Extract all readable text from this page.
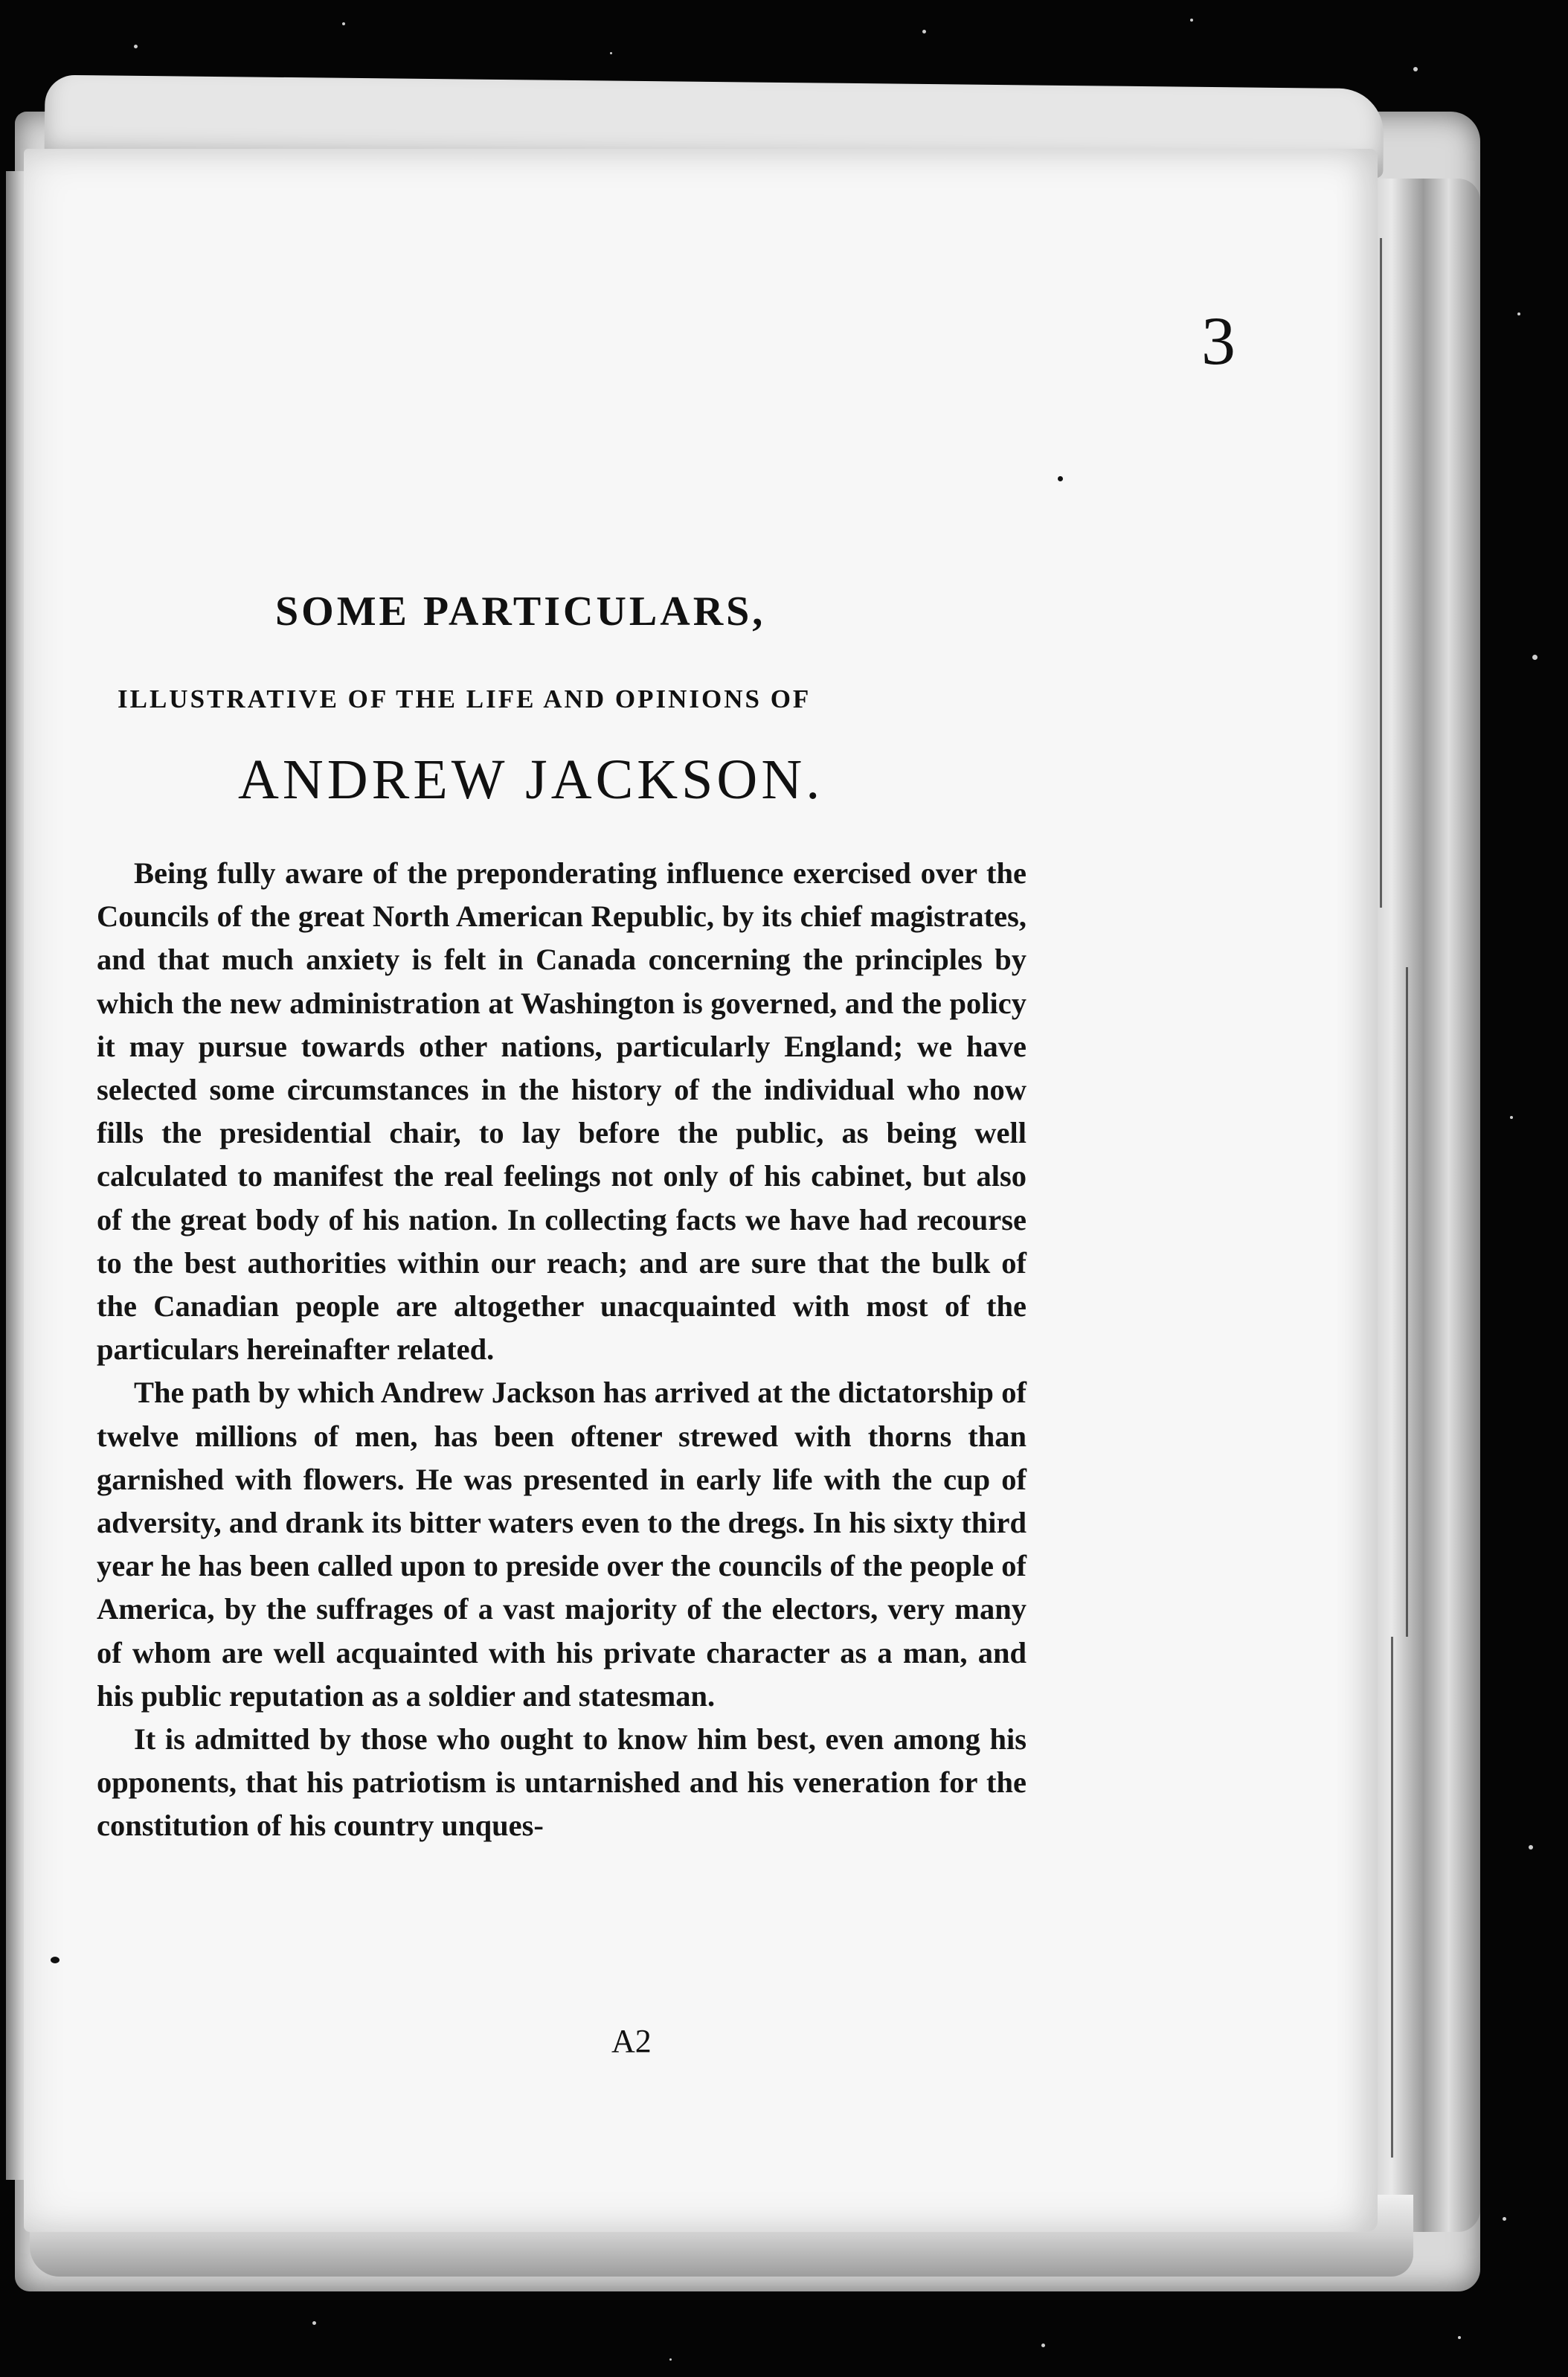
3
SOME PARTICULARS,
ILLUSTRATIVE OF THE LIFE AND OPINIONS OF
ANDREW JACKSON.

Being fully aware of the preponderating influence exercised over the Councils of the great North American Republic, by its chief magistrates, and that much anxiety is felt in Canada concerning the principles by which the new administration at Washington is governed, and the policy it may pursue towards other nations, particularly England; we have selected some circumstances in the history of the individual who now fills the presidential chair, to lay before the public, as being well calculated to manifest the real feelings not only of his cabinet, but also of the great body of his nation. In collecting facts we have had recourse to the best authorities within our reach; and are sure that the bulk of the Canadian people are altogether unacquainted with most of the particulars hereinafter related.

The path by which Andrew Jackson has arrived at the dictatorship of twelve millions of men, has been oftener strewed with thorns than garnished with flowers. He was presented in early life with the cup of adversity, and drank its bitter waters even to the dregs. In his sixty third year he has been called upon to preside over the councils of the people of America, by the suffrages of a vast majority of the electors, very many of whom are well acquainted with his private character as a man, and his public reputation as a soldier and statesman.

It is admitted by those who ought to know him best, even among his opponents, that his patriotism is untarnished and his veneration for the constitution of his country unques-

A2
